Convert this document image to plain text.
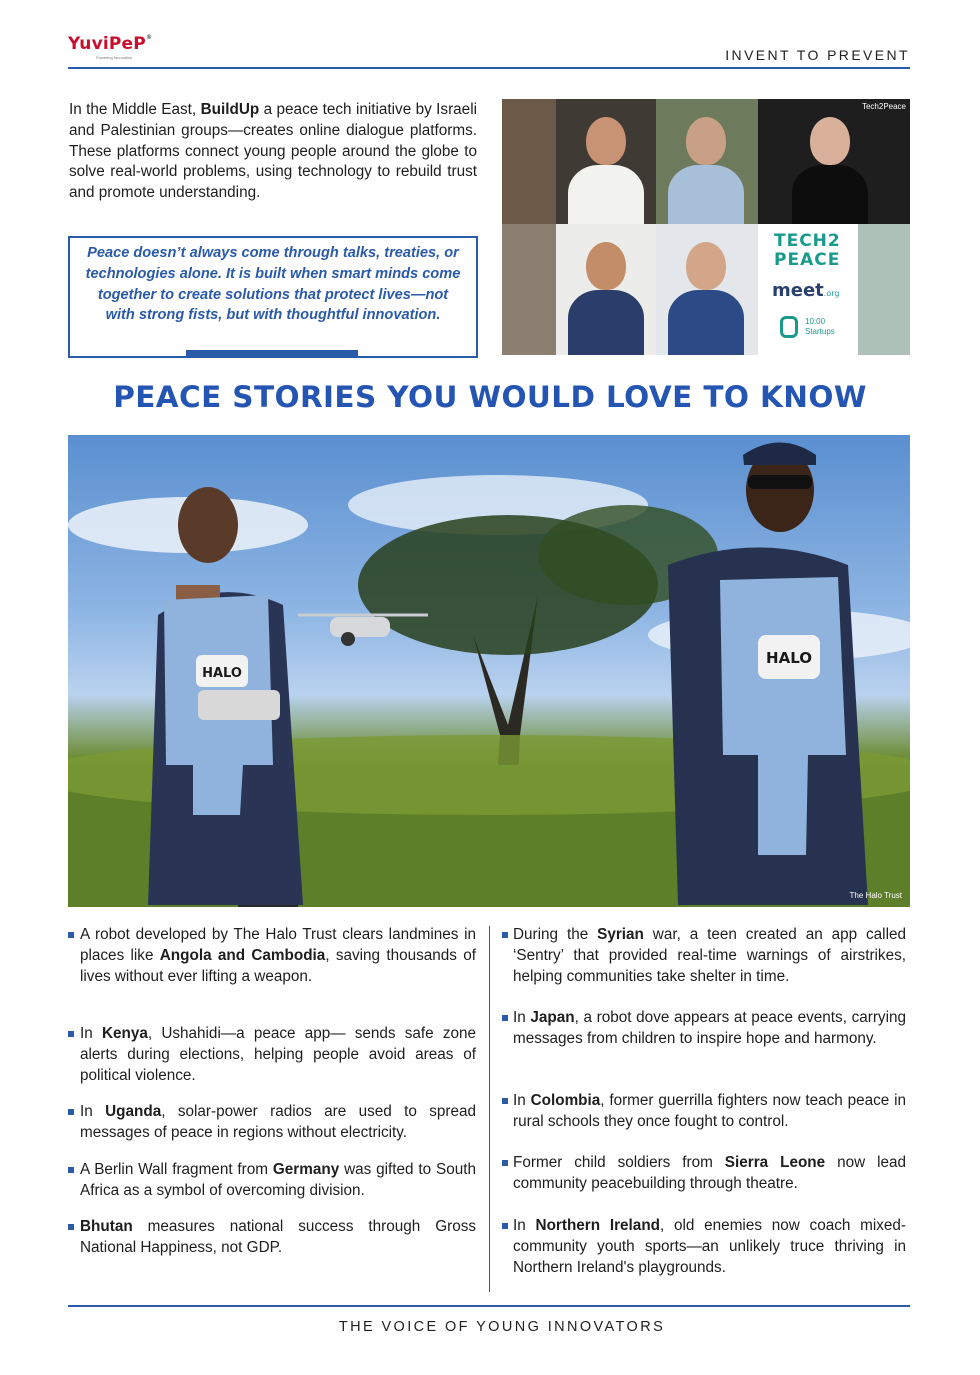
YuviPeP®
Powering Innovation	INVENT TO PREVENT
In the Middle East, BuildUp a peace tech initiative by Israeli and Palestinian groups—creates online dialogue platforms. These platforms connect young people around the globe to solve real-world problems, using technology to rebuild trust and promote understanding.
Peace doesn’t always come through talks, treaties, or technologies alone. It is built when smart minds come together to create solutions that protect lives—not with strong fists, but with thoughtful innovation.
TECH2
PEACE
meet.org
10:00
Startups
Tech2Peace
PEACE STORIES YOU WOULD LOVE TO KNOW
HALO
HALO
The Halo Trust
A robot developed by The Halo Trust clears landmines in places like Angola and Cambodia, saving thousands of lives without ever lifting a weapon.
In Kenya, Ushahidi—a peace app— sends safe zone alerts during elections, helping people avoid areas of political violence.
In Uganda, solar-power radios are used to spread messages of peace in regions without electricity.
A Berlin Wall fragment from Germany was gifted to South Africa as a symbol of overcoming division.
Bhutan measures national success through Gross National Happiness, not GDP.
During the Syrian war, a teen created an app called ‘Sentry’ that provided real-time warnings of airstrikes, helping communities take shelter in time.
In Japan, a robot dove appears at peace events, carrying messages from children to inspire hope and harmony.
In Colombia, former guerrilla fighters now teach peace in rural schools they once fought to control.
Former child soldiers from Sierra Leone now lead community peacebuilding through theatre.
In Northern Ireland, old enemies now coach mixed-community youth sports—an unlikely truce thriving in Northern Ireland's playgrounds.
THE VOICE OF YOUNG INNOVATORS
